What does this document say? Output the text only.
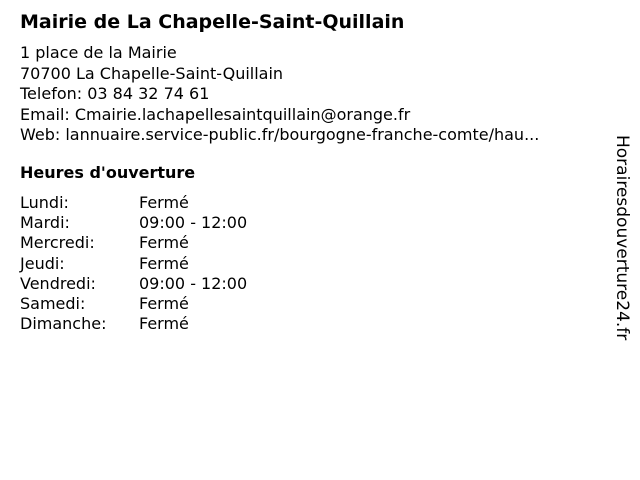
Mairie de La Chapelle-Saint-Quillain
1 place de la Mairie
70700 La Chapelle-Saint-Quillain
Telefon: 03 84 32 74 61
Email: Cmairie.lachapellesaintquillain@orange.fr
Web: lannuaire.service-public.fr/bourgogne-franche-comte/hau...
Heures d'ouverture
Lundi:	Fermé
Mardi:	09:00 - 12:00
Mercredi:	Fermé
Jeudi:	Fermé
Vendredi:	09:00 - 12:00
Samedi:	Fermé
Dimanche:	Fermé	Horairesdouverture24.fr
